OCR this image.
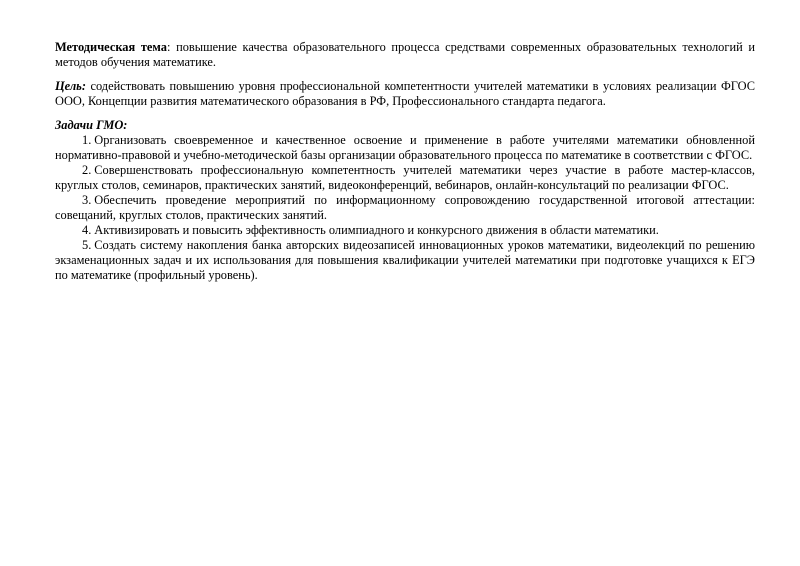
Методическая тема: повышение качества образовательного процесса средствами современных образовательных технологий и методов обучения математике.

Цель: содействовать повышению уровня профессиональной компетентности учителей математики в условиях реализации ФГОС ООО, Концепции развития математического образования в РФ, Профессионального стандарта педагога.

Задачи ГМО:

1. Организовать своевременное и качественное освоение и применение в работе учителями математики обновленной нормативно-правовой и учебно-методической базы организации образовательного процесса по математике в соответствии с ФГОС.

2. Совершенствовать профессиональную компетентность учителей математики через участие в работе мастер-классов, круглых столов, семинаров, практических занятий, видеоконференций, вебинаров, онлайн-консультаций по реализации ФГОС.

3. Обеспечить проведение мероприятий по информационному сопровождению государственной итоговой аттестации: совещаний, круглых столов, практических занятий.

4. Активизировать и повысить эффективность олимпиадного и конкурсного движения в области математики.

5. Создать систему накопления банка авторских видеозаписей инновационных уроков математики, видеолекций по решению экзаменационных задач и их использования для повышения квалификации учителей математики при подготовке учащихся к ЕГЭ по математике (профильный уровень).
